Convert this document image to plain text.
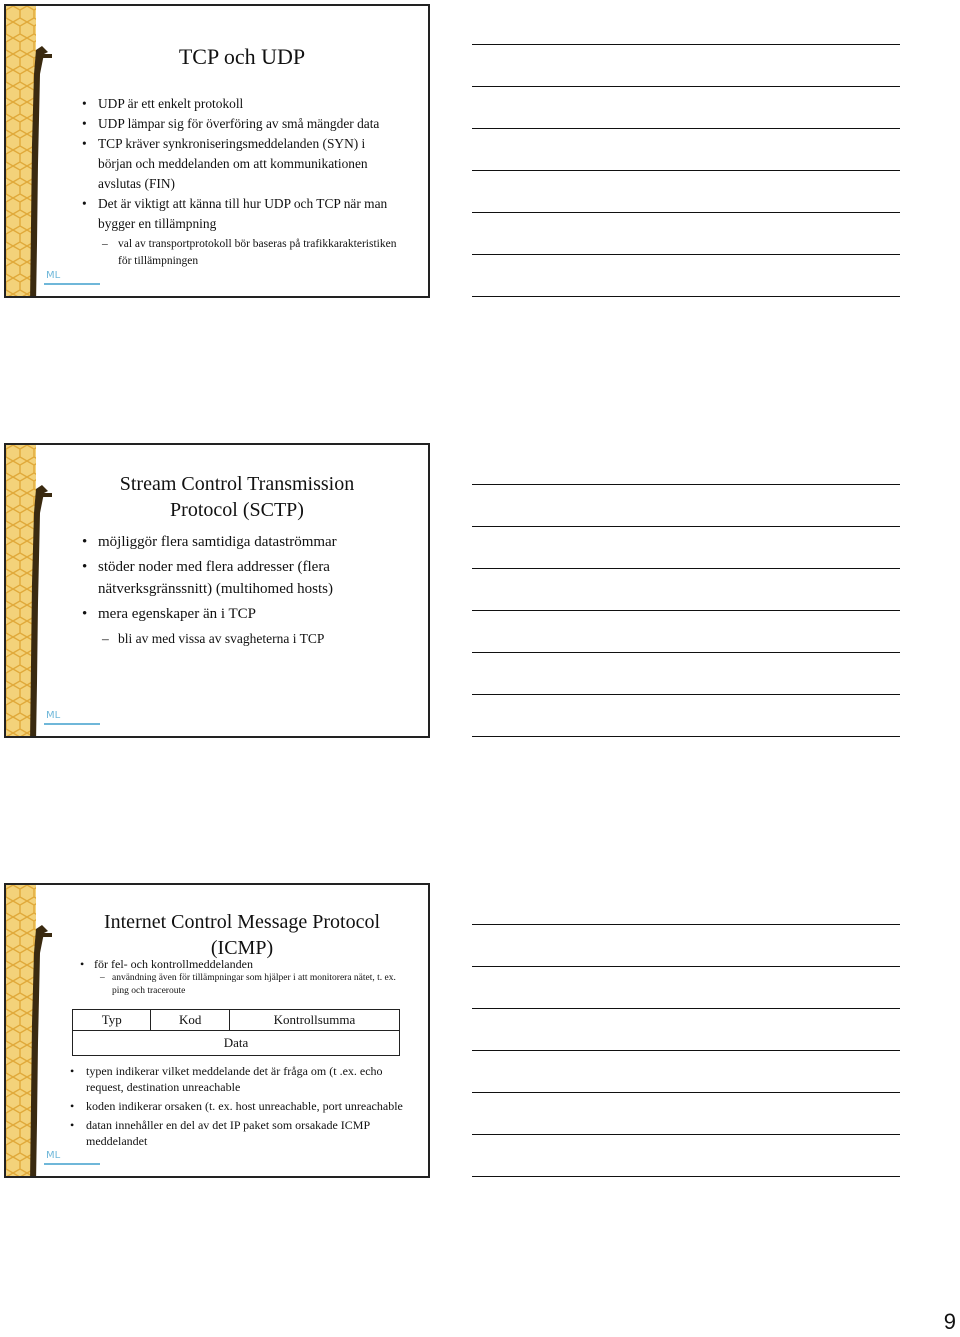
ML
TCP och UDP
• UDP är ett enkelt protokoll
• UDP lämpar sig för överföring av små mängder data
• TCP kräver synkroniseringsmeddelanden (SYN) i början och meddelanden om att kommunikationen avslutas (FIN)
• Det är viktigt att känna till hur UDP och TCP när man bygger en tillämpning
– val av transportprotokoll bör baseras på trafikkarakteristiken för tillämpningen
ML
Stream Control Transmission Protocol (SCTP)
• möjliggör flera samtidiga dataströmmar
• stöder noder med flera addresser (flera nätverksgränssnitt) (multihomed hosts)
• mera egenskaper än i TCP
– bli av med vissa av svagheterna i TCP
ML
Internet Control Message Protocol (ICMP)
• för fel- och kontrollmeddelanden
– användning även för tillämpningar som hjälper i att monitorera nätet, t. ex. ping och traceroute
Typ	Kod	Kontrollsumma
Data
• typen indikerar vilket meddelande det är fråga om (t .ex. echo request, destination unreachable
• koden indikerar orsaken (t. ex. host unreachable, port unreachable
• datan innehåller en del av det IP paket som orsakade ICMP meddelandet
9
